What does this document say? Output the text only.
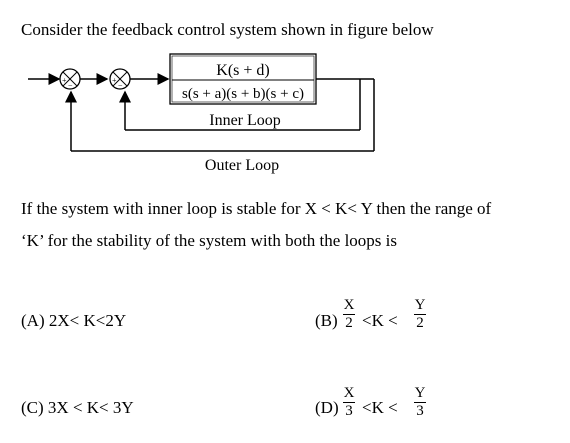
Consider the feedback control system shown in figure below
+
−
+
−
K(s + d)
s(s + a)(s + b)(s + c)
Inner Loop
Outer Loop
If the system with inner loop is stable for X < K< Y then the range of
‘K’ for the stability of the system with both the loops is
(A) 2X< K<2Y	(B)
X
2 <K <
Y
2
(C) 3X < K< 3Y	(D)
X
3 <K <
Y
3
